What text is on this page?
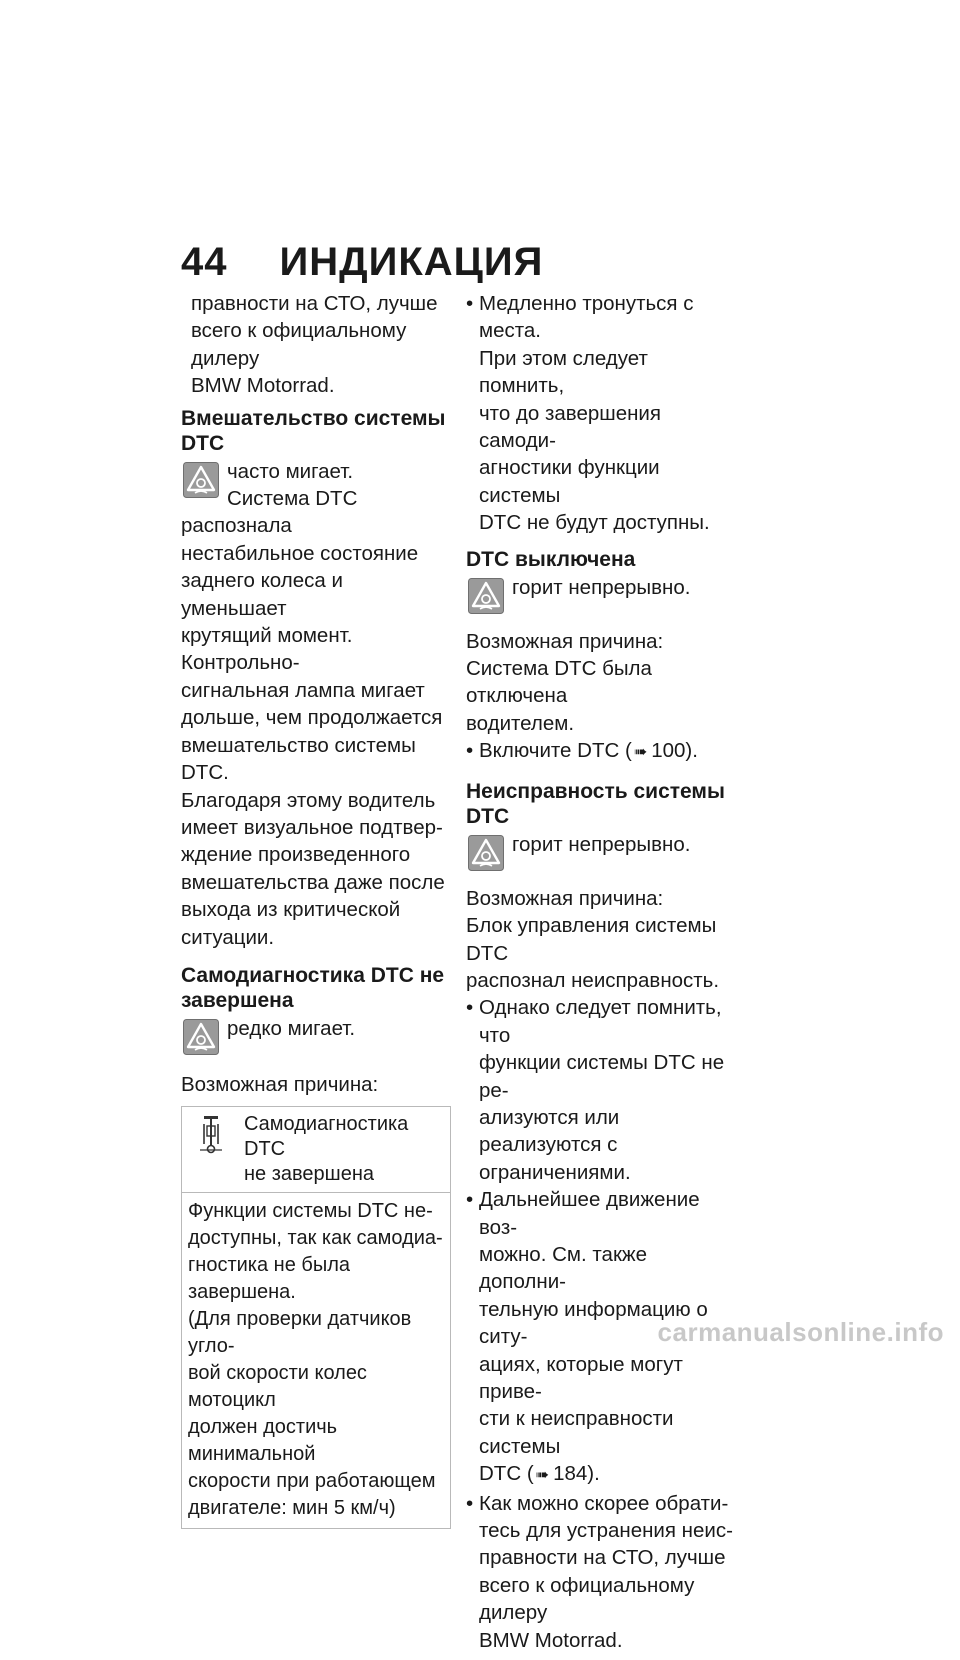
44 ИНДИКАЦИЯ
правности на СТО, лучше
всего к официальному дилеру
BMW Motorrad.
Вмешательство системы
DTC
часто мигает.
Система DTC распознала
нестабильное состояние
заднего колеса и уменьшает
крутящий момент. Контрольно-
сигнальная лампа мигает
дольше, чем продолжается
вмешательство системы DTC.
Благодаря этому водитель
имеет визуальное подтвер-
ждение произведенного
вмешательства даже после
выхода из критической
ситуации.
Самодиагностика DTC не
завершена
редко мигает.
Возможная причина:
Самодиагностика DTC
не завершена
Функции системы DTC не-
доступны, так как самодиа-
гностика не была завершена.
(Для проверки датчиков угло-
вой скорости колес мотоцикл
должен достичь минимальной
скорости при работающем
двигателе: мин 5 км/ч)
• Медленно тронуться с места.
При этом следует помнить,
что до завершения самоди-
агностики функции системы
DTC не будут доступны.
DTC выключена
горит непрерывно.
Возможная причина:
Система DTC была отключена
водителем.
• Включите DTC ( ➠ 100).
Неисправность системы
DTC
горит непрерывно.
Возможная причина:
Блок управления системы DTC
распознал неисправность.
• Однако следует помнить, что
функции системы DTC не ре-
ализуются или реализуются с
ограничениями.
• Дальнейшее движение воз-
можно. См. также дополни-
тельную информацию о ситу-
ациях, которые могут приве-
сти к неисправности системы
DTC ( ➠ 184).
• Как можно скорее обрати-
тесь для устранения неис-
правности на СТО, лучше
всего к официальному дилеру
BMW Motorrad.
carmanualsonline.info
